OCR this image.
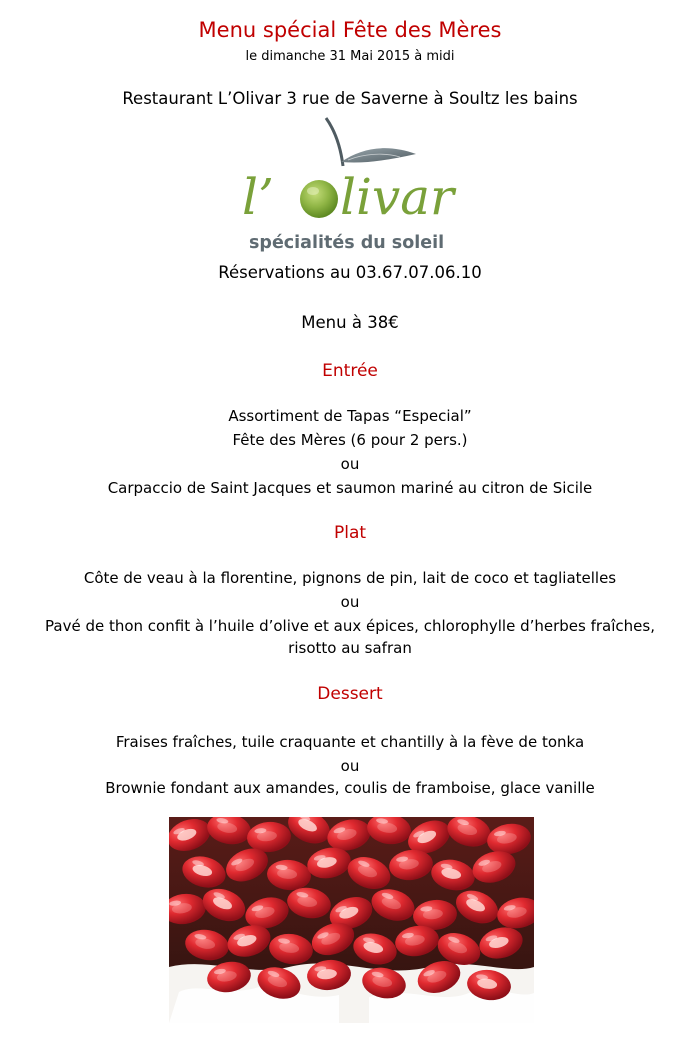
Menu spécial Fête des Mères
le dimanche 31 Mai 2015 à midi
Restaurant L’Olivar 3 rue de Saverne à Soultz les bains
l’ livar
spécialités du soleil
Réservations au 03.67.07.06.10
Menu à 38€
Entrée
Assortiment de Tapas “Especial”
Fête des Mères (6 pour 2 pers.)
ou
Carpaccio de Saint Jacques et saumon mariné au citron de Sicile
Plat
Côte de veau à la florentine, pignons de pin, lait de coco et tagliatelles
ou
Pavé de thon confit à l’huile d’olive et aux épices, chlorophylle d’herbes fraîches,
risotto au safran
Dessert
Fraises fraîches, tuile craquante et chantilly à la fève de tonka
ou
Brownie fondant aux amandes, coulis de framboise, glace vanille
